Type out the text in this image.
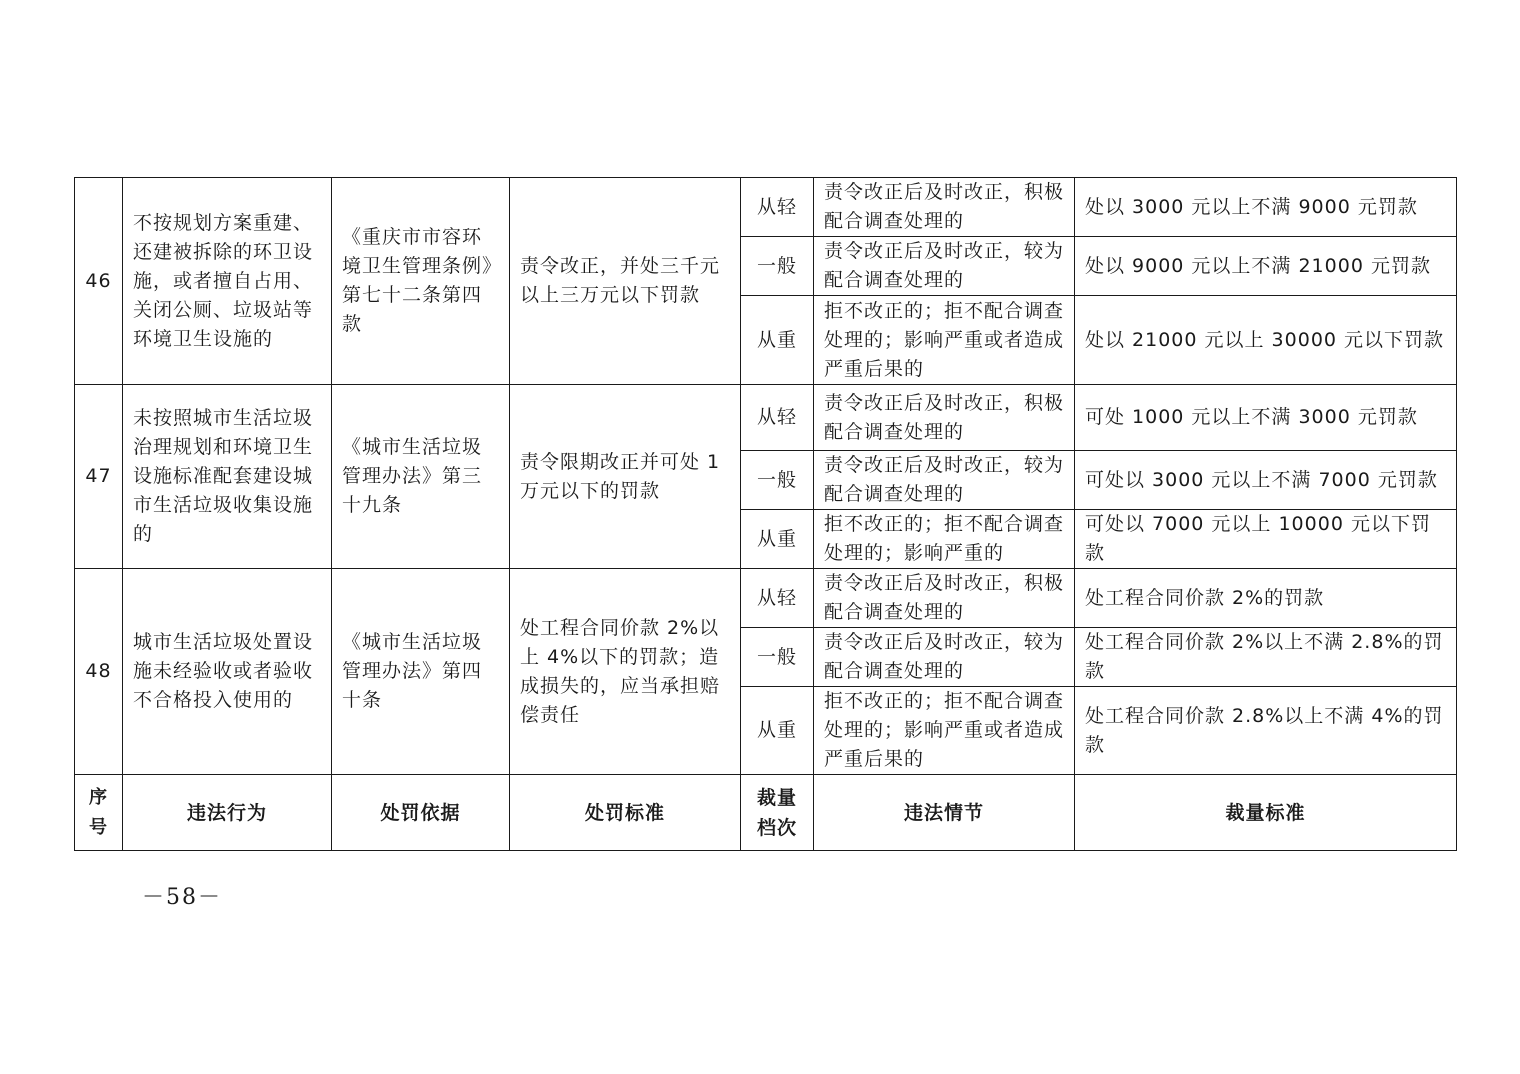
46	不按规划方案重建、还建被拆除的环卫设施，或者擅自占用、关闭公厕、垃圾站等环境卫生设施的	《重庆市市容环境卫生管理条例》第七十二条第四款	责令改正，并处三千元以上三万元以下罚款	从轻	责令改正后及时改正，积极配合调查处理的	处以 3000 元以上不满 9000 元罚款
				一般	责令改正后及时改正，较为配合调查处理的	处以 9000 元以上不满 21000 元罚款
				从重	拒不改正的；拒不配合调查处理的；影响严重或者造成严重后果的	处以 21000 元以上 30000 元以下罚款
47	未按照城市生活垃圾治理规划和环境卫生设施标准配套建设城市生活垃圾收集设施的	《城市生活垃圾管理办法》第三十九条	责令限期改正并可处 1 万元以下的罚款	从轻	责令改正后及时改正，积极配合调查处理的	可处 1000 元以上不满 3000 元罚款
				一般	责令改正后及时改正，较为配合调查处理的	可处以 3000 元以上不满 7000 元罚款
				从重	拒不改正的；拒不配合调查处理的；影响严重的	可处以 7000 元以上 10000 元以下罚款
48	城市生活垃圾处置设施未经验收或者验收不合格投入使用的	《城市生活垃圾管理办法》第四十条	处工程合同价款 2%以上 4%以下的罚款；造成损失的，应当承担赔偿责任	从轻	责令改正后及时改正，积极配合调查处理的	处工程合同价款 2%的罚款
				一般	责令改正后及时改正，较为配合调查处理的	处工程合同价款 2%以上不满 2.8%的罚款
				从重	拒不改正的；拒不配合调查处理的；影响严重或者造成严重后果的	处工程合同价款 2.8%以上不满 4%的罚款
序号	违法行为	处罚依据	处罚标准	裁量档次	违法情节	裁量标准
－58－
